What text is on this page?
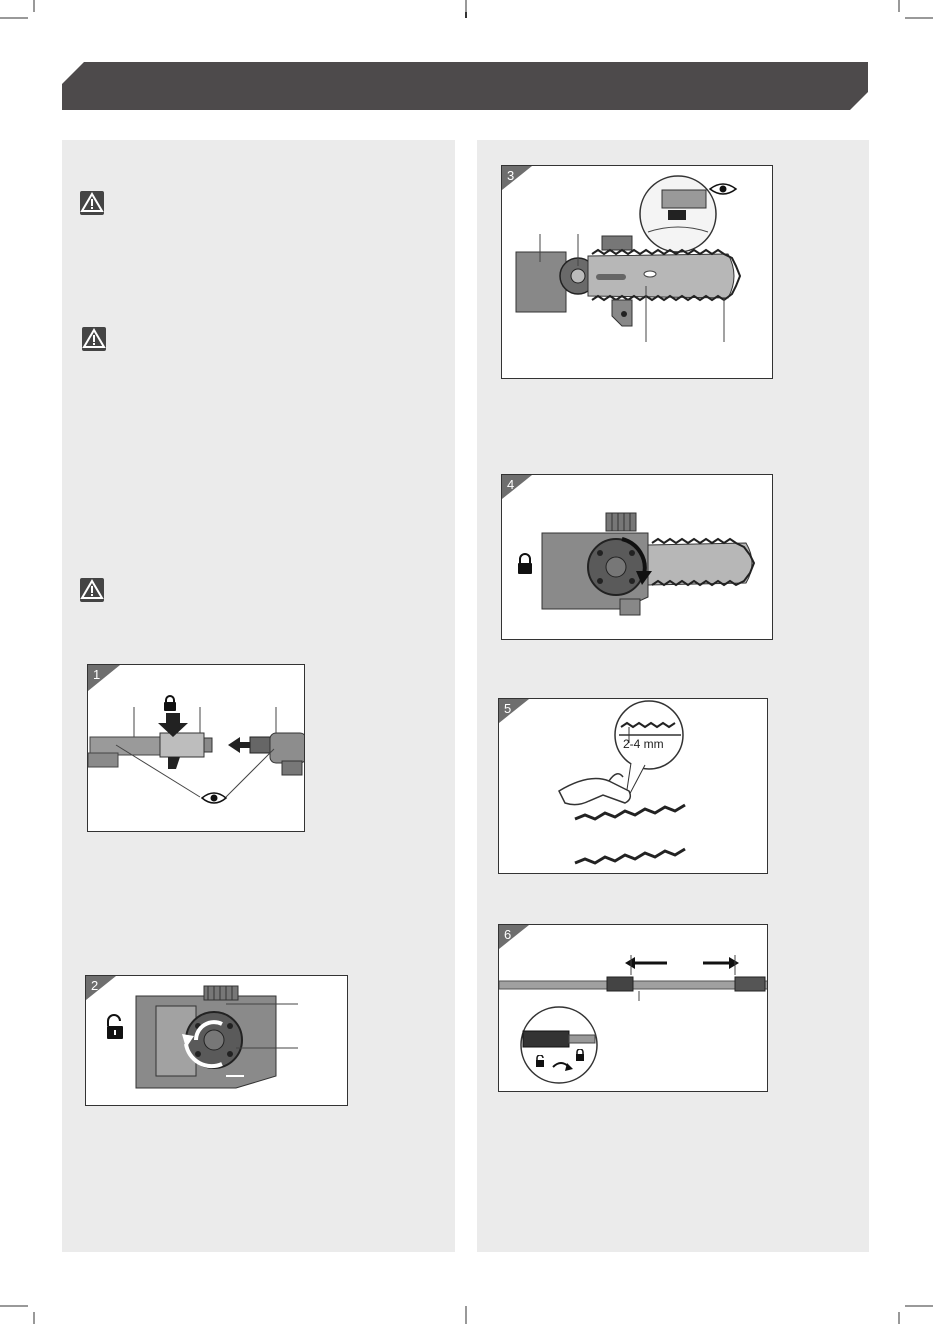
1
2
3
4
5
2-4 mm
6
